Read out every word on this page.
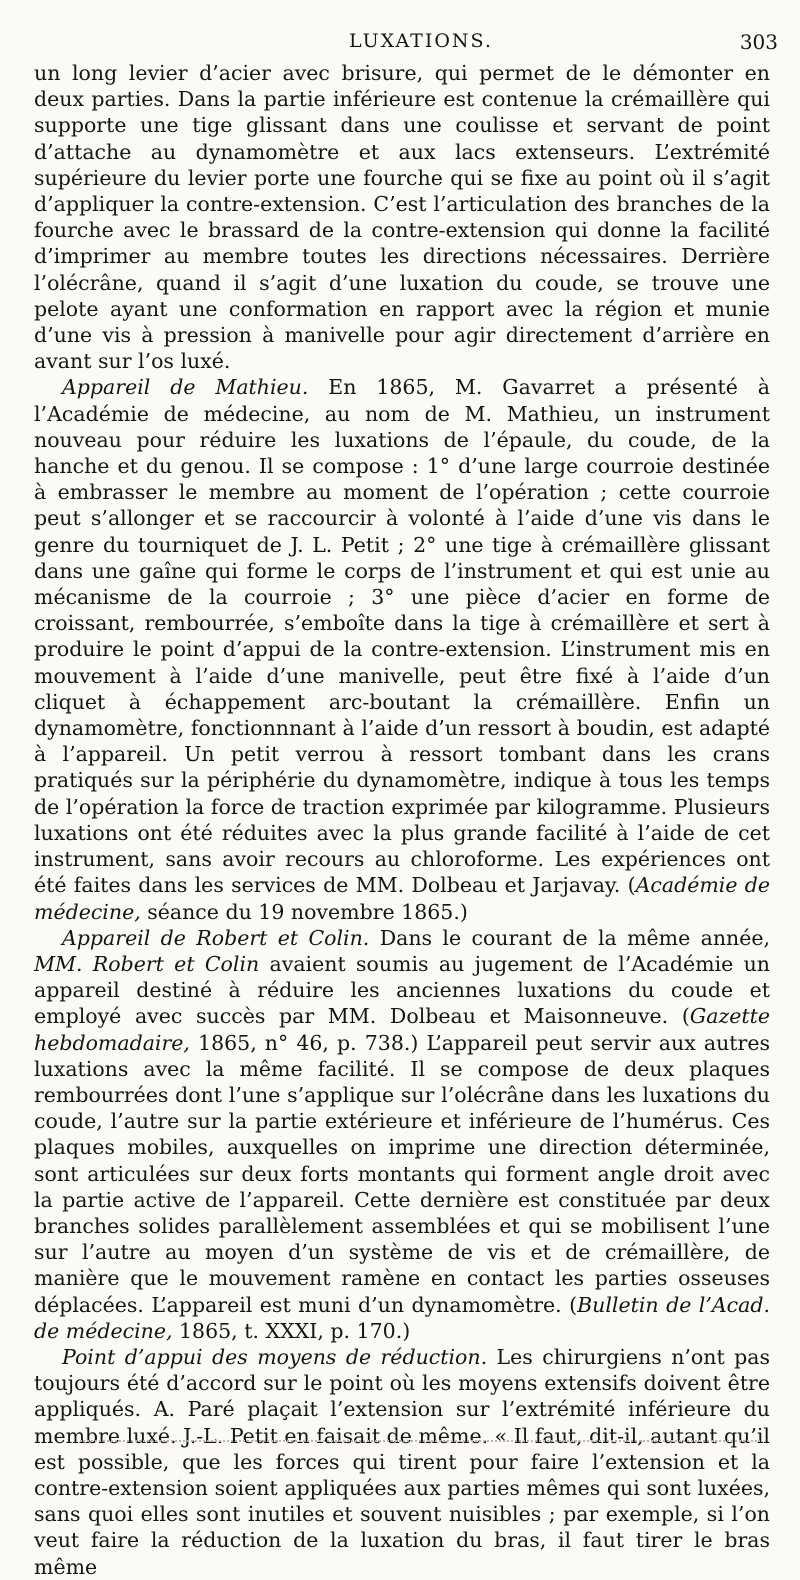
LUXATIONS.	303

un long levier d’acier avec brisure, qui permet de le démonter en deux parties. Dans la partie inférieure est contenue la crémaillère qui supporte une tige glissant dans une coulisse et servant de point d’attache au dynamomètre et aux lacs extenseurs. L’extrémité supérieure du levier porte une fourche qui se fixe au point où il s’agit d’appliquer la contre-extension. C’est l’articulation des branches de la fourche avec le brassard de la contre-extension qui donne la facilité d’imprimer au membre toutes les directions nécessaires. Derrière l’olécrâne, quand il s’agit d’une luxation du coude, se trouve une pelote ayant une conformation en rapport avec la région et munie d’une vis à pression à manivelle pour agir directement d’arrière en avant sur l’os luxé.

Appareil de Mathieu. En 1865, M. Gavarret a présenté à l’Académie de médecine, au nom de M. Mathieu, un instrument nouveau pour réduire les luxations de l’épaule, du coude, de la hanche et du genou. Il se compose : 1° d’une large courroie destinée à embrasser le membre au moment de l’opération ; cette courroie peut s’allonger et se raccourcir à volonté à l’aide d’une vis dans le genre du tourniquet de J. L. Petit ; 2° une tige à crémaillère glissant dans une gaîne qui forme le corps de l’instrument et qui est unie au mécanisme de la courroie ; 3° une pièce d’acier en forme de croissant, rembourrée, s’emboîte dans la tige à crémaillère et sert à produire le point d’appui de la contre-extension. L’instrument mis en mouvement à l’aide d’une manivelle, peut être fixé à l’aide d’un cliquet à échappement arc-boutant la crémaillère. Enfin un dynamomètre, fonctionnnant à l’aide d’un ressort à boudin, est adapté à l’appareil. Un petit verrou à ressort tombant dans les crans pratiqués sur la périphérie du dynamomètre, indique à tous les temps de l’opération la force de traction exprimée par kilogramme. Plusieurs luxations ont été réduites avec la plus grande facilité à l’aide de cet instrument, sans avoir recours au chloroforme. Les expériences ont été faites dans les services de MM. Dolbeau et Jarjavay. (Académie de médecine, séance du 19 novembre 1865.)

Appareil de Robert et Colin. Dans le courant de la même année, MM. Robert et Colin avaient soumis au jugement de l’Académie un appareil destiné à réduire les anciennes luxations du coude et employé avec succès par MM. Dolbeau et Maisonneuve. (Gazette hebdomadaire, 1865, n° 46, p. 738.) L’appareil peut servir aux autres luxations avec la même facilité. Il se compose de deux plaques rembourrées dont l’une s’applique sur l’olécrâne dans les luxations du coude, l’autre sur la partie extérieure et inférieure de l’humérus. Ces plaques mobiles, auxquelles on imprime une direction déterminée, sont articulées sur deux forts montants qui forment angle droit avec la partie active de l’appareil. Cette dernière est constituée par deux branches solides parallèlement assemblées et qui se mobilisent l’une sur l’autre au moyen d’un système de vis et de crémaillère, de manière que le mouvement ramène en contact les parties osseuses déplacées. L’appareil est muni d’un dynamomètre. (Bulletin de l’Acad. de médecine, 1865, t. XXXI, p. 170.)

Point d’appui des moyens de réduction. Les chirurgiens n’ont pas toujours été d’accord sur le point où les moyens extensifs doivent être appliqués. A. Paré plaçait l’extension sur l’extrémité inférieure du membre luxé. J.-L. Petit en faisait de même. « Il faut, dit-il, autant qu’il est possible, que les forces qui tirent pour faire l’extension et la contre-extension soient appliquées aux parties mêmes qui sont luxées, sans quoi elles sont inutiles et souvent nuisibles ; par exemple, si l’on veut faire la réduction de la luxation du bras, il faut tirer le bras même
